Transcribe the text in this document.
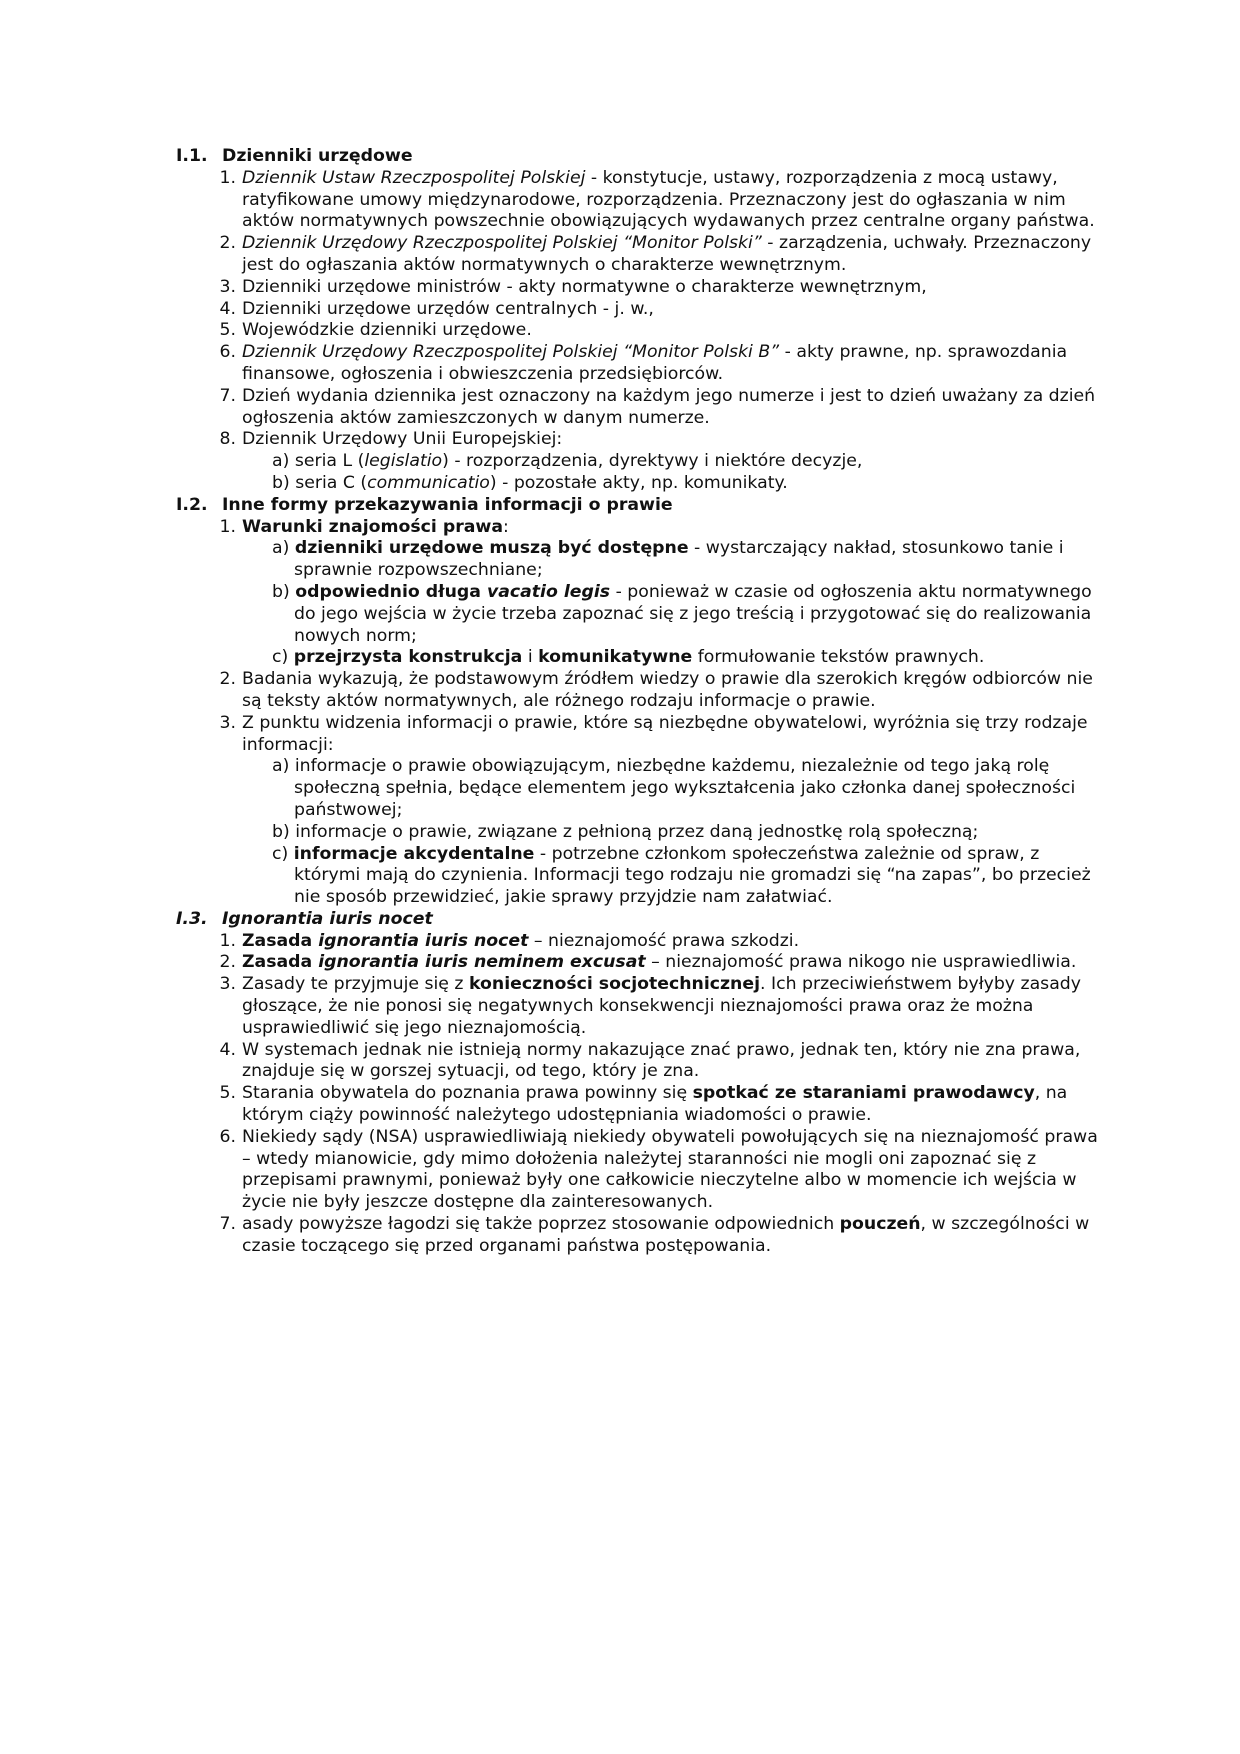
I.1. Dzienniki urzędowe
1. Dziennik Ustaw Rzeczpospolitej Polskiej - konstytucje, ustawy, rozporządzenia z mocą ustawy, ratyfikowane umowy międzynarodowe, rozporządzenia. Przeznaczony jest do ogłaszania w nim aktów normatywnych powszechnie obowiązujących wydawanych przez centralne organy państwa.
2. Dziennik Urzędowy Rzeczpospolitej Polskiej “Monitor Polski” - zarządzenia, uchwały. Przeznaczony jest do ogłaszania aktów normatywnych o charakterze wewnętrznym.
3. Dzienniki urzędowe ministrów - akty normatywne o charakterze wewnętrznym,
4. Dzienniki urzędowe urzędów centralnych - j. w.,
5. Wojewódzkie dzienniki urzędowe.
6. Dziennik Urzędowy Rzeczpospolitej Polskiej “Monitor Polski B” - akty prawne, np. sprawozdania finansowe, ogłoszenia i obwieszczenia przedsiębiorców.
7. Dzień wydania dziennika jest oznaczony na każdym jego numerze i jest to dzień uważany za dzień ogłoszenia aktów zamieszczonych w danym numerze.
8. Dziennik Urzędowy Unii Europejskiej:
a) seria L (legislatio) - rozporządzenia, dyrektywy i niektóre decyzje,
b) seria C (communicatio) - pozostałe akty, np. komunikaty.
I.2. Inne formy przekazywania informacji o prawie
1. Warunki znajomości prawa:
a) dzienniki urzędowe muszą być dostępne - wystarczający nakład, stosunkowo tanie i sprawnie rozpowszechniane;
b) odpowiednio długa vacatio legis - ponieważ w czasie od ogłoszenia aktu normatywnego do jego wejścia w życie trzeba zapoznać się z jego treścią i przygotować się do realizowania nowych norm;
c) przejrzysta konstrukcja i komunikatywne formułowanie tekstów prawnych.
2. Badania wykazują, że podstawowym źródłem wiedzy o prawie dla szerokich kręgów odbiorców nie są teksty aktów normatywnych, ale różnego rodzaju informacje o prawie.
3. Z punktu widzenia informacji o prawie, które są niezbędne obywatelowi, wyróżnia się trzy rodzaje informacji:
a) informacje o prawie obowiązującym, niezbędne każdemu, niezależnie od tego jaką rolę społeczną spełnia, będące elementem jego wykształcenia jako członka danej społeczności państwowej;
b) informacje o prawie, związane z pełnioną przez daną jednostkę rolą społeczną;
c) informacje akcydentalne - potrzebne członkom społeczeństwa zależnie od spraw, z którymi mają do czynienia. Informacji tego rodzaju nie gromadzi się “na zapas”, bo przecież nie sposób przewidzieć, jakie sprawy przyjdzie nam załatwiać.
I.3. Ignorantia iuris nocet
1. Zasada ignorantia iuris nocet – nieznajomość prawa szkodzi.
2. Zasada ignorantia iuris neminem excusat – nieznajomość prawa nikogo nie usprawiedliwia.
3. Zasady te przyjmuje się z konieczności socjotechnicznej. Ich przeciwieństwem byłyby zasady głoszące, że nie ponosi się negatywnych konsekwencji nieznajomości prawa oraz że można usprawiedliwić się jego nieznajomością.
4. W systemach jednak nie istnieją normy nakazujące znać prawo, jednak ten, który nie zna prawa, znajduje się w gorszej sytuacji, od tego, który je zna.
5. Starania obywatela do poznania prawa powinny się spotkać ze staraniami prawodawcy, na którym ciąży powinność należytego udostępniania wiadomości o prawie.
6. Niekiedy sądy (NSA) usprawiedliwiają niekiedy obywateli powołujących się na nieznajomość prawa – wtedy mianowicie, gdy mimo dołożenia należytej staranności nie mogli oni zapoznać się z przepisami prawnymi, ponieważ były one całkowicie nieczytelne albo w momencie ich wejścia w życie nie były jeszcze dostępne dla zainteresowanych.
7. asady powyższe łagodzi się także poprzez stosowanie odpowiednich pouczeń, w szczególności w czasie toczącego się przed organami państwa postępowania.
